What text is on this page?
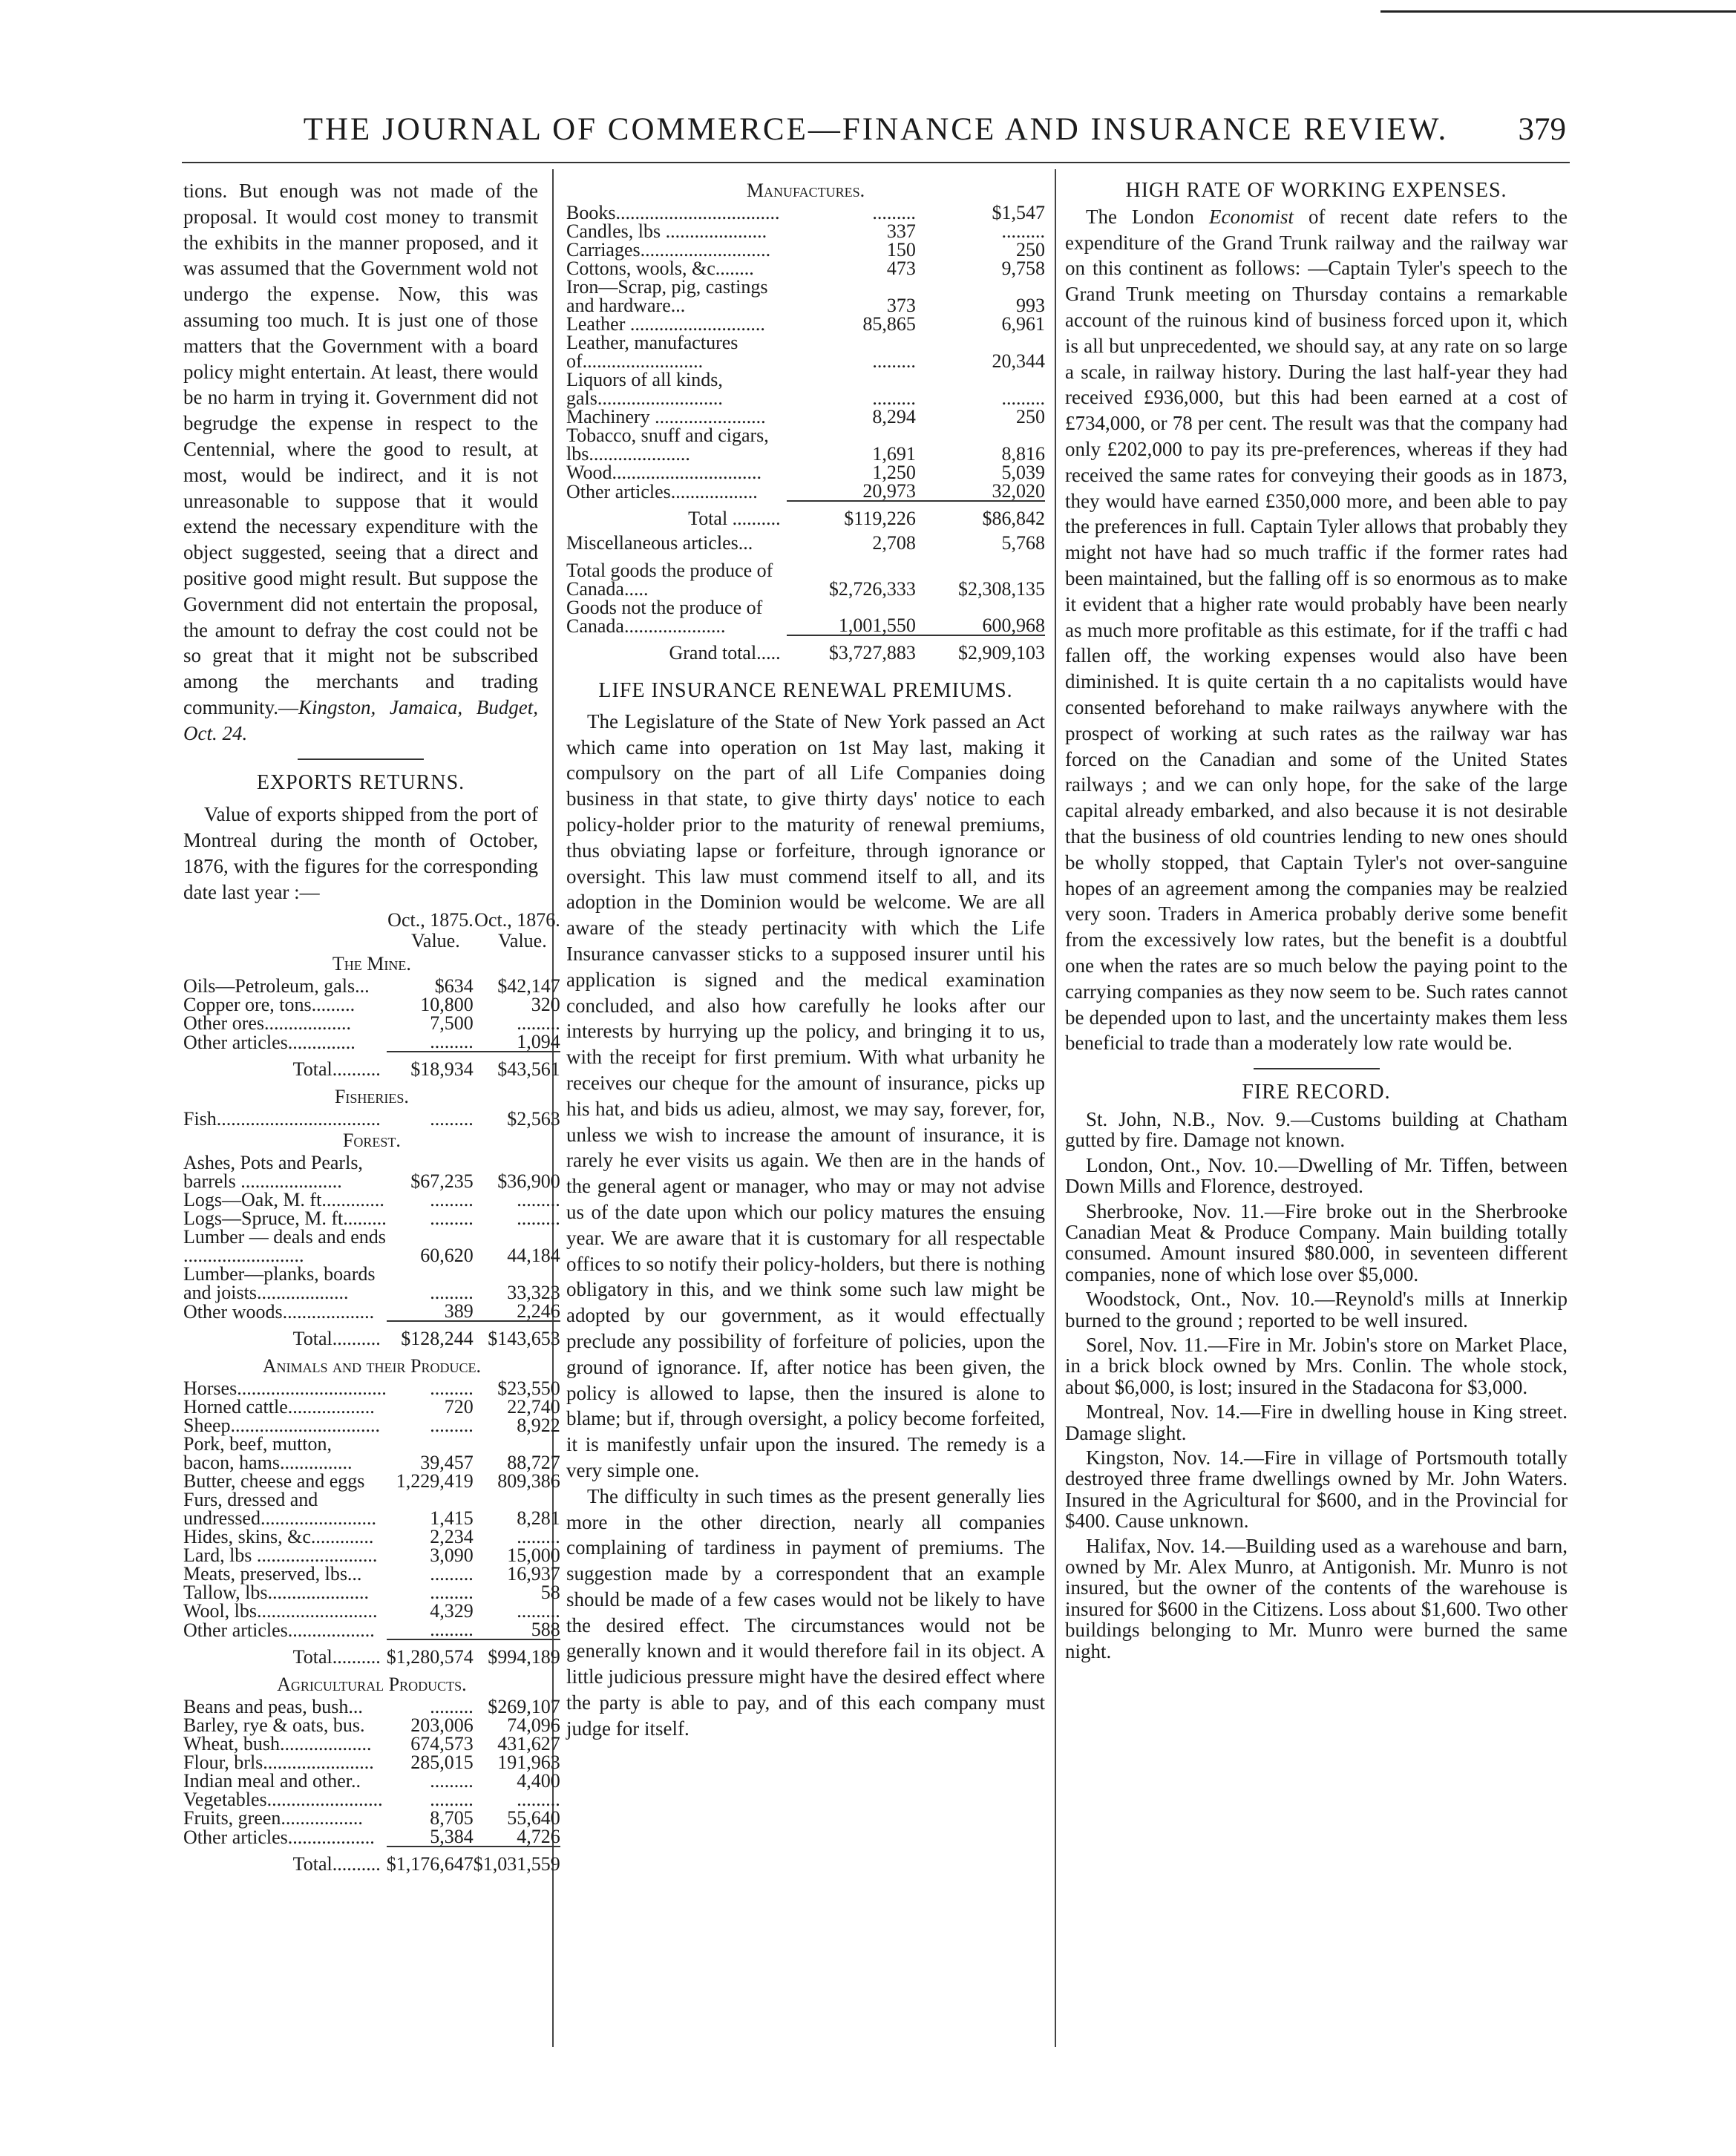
THE JOURNAL OF COMMERCE—FINANCE AND INSURANCE REVIEW.	379

tions. But enough was not made of the proposal. It would cost money to transmit the exhibits in the manner proposed, and it was assumed that the Government wold not undergo the expense. Now, this was assuming too much. It is just one of those matters that the Government with a board policy might entertain. At least, there would be no harm in trying it. Government did not begrudge the expense in respect to the Centennial, where the good to result, at most, would be indirect, and it is not unreasonable to suppose that it would extend the necessary expenditure with the object suggested, seeing that a direct and positive good might result. But suppose the Government did not entertain the proposal, the amount to defray the cost could not be so great that it might not be subscribed among the merchants and trading community.—Kingston, Jamaica, Budget, Oct. 24.

EXPORTS RETURNS.

Value of exports shipped from the port of Montreal during the month of October, 1876, with the figures for the corresponding date last year :—

	Oct., 1875.	Oct., 1876.
	Value.	Value.
The Mine.		
Oils—Petroleum, gals...	$634	$42,147
Copper ore, tons.........	10,800	320
Other ores..................	7,500	.........
Other articles..............	.........	1,094
Total..........	$18,934	$43,561
Fisheries.		
Fish..................................	.........	$2,563
Forest.		
Ashes, Pots and Pearls, barrels .....................	$67,235	$36,900
Logs—Oak, M. ft.............	.........	.........
Logs—Spruce, M. ft.........	.........	.........
Lumber — deals and ends .........................	60,620	44,184
Lumber—planks, boards and joists...................	.........	33,323
Other woods...................	389	2,246
Total..........	$128,244	$143,653
Animals and their Produce.		
Horses...............................	.........	$23,550
Horned cattle..................	720	22,740
Sheep...............................	.........	8,922
Pork, beef, mutton, bacon, hams...............	39,457	88,727
Butter, cheese and eggs	1,229,419	809,386
Furs, dressed and undressed........................	1,415	8,281
Hides, skins, &c.............	2,234	.........
Lard, lbs .........................	3,090	15,000
Meats, preserved, lbs...	.........	16,937
Tallow, lbs.....................	.........	58
Wool, lbs.........................	4,329	.........
Other articles..................	.........	588
Total..........	$1,280,574	$994,189
Agricultural Products.		
Beans and peas, bush...	.........	$269,107
Barley, rye & oats, bus.	203,006	74,096
Wheat, bush...................	674,573	431,627
Flour, brls.......................	285,015	191,963
Indian meal and other..	.........	4,400
Vegetables........................	.........	.........
Fruits, green.................	8,705	55,640
Other articles..................	5,384	4,726
Total..........	$1,176,647	$1,031,559
Manufactures.		
Books..................................	.........	$1,547
Candles, lbs .....................	337	.........
Carriages...........................	150	250
Cottons, wools, &c........	473	9,758
Iron—Scrap, pig, castings and hardware...	373	993
Leather ............................	85,865	6,961
Leather, manufactures of.........................	.........	20,344
Liquors of all kinds, gals..........................	.........	.........
Machinery .......................	8,294	250
Tobacco, snuff and cigars, lbs.....................	1,691	8,816
Wood...............................	1,250	5,039
Other articles..................	20,973	32,020
Total ..........	$119,226	$86,842
Miscellaneous articles...	2,708	5,768
Total goods the produce of Canada.....	$2,726,333	$2,308,135
Goods not the produce of Canada.....................	1,001,550	600,968
Grand total.....	$3,727,883	$2,909,103
LIFE INSURANCE RENEWAL PREMIUMS.

The Legislature of the State of New York passed an Act which came into operation on 1st May last, making it compulsory on the part of all Life Companies doing business in that state, to give thirty days' notice to each policy-holder prior to the maturity of renewal premiums, thus obviating lapse or forfeiture, through ignorance or oversight. This law must commend itself to all, and its adoption in the Dominion would be welcome. We are all aware of the steady pertinacity with which the Life Insurance canvasser sticks to a supposed insurer until his application is signed and the medical examination concluded, and also how carefully he looks after our interests by hurrying up the policy, and bringing it to us, with the receipt for first premium. With what urbanity he receives our cheque for the amount of insurance, picks up his hat, and bids us adieu, almost, we may say, forever, for, unless we wish to increase the amount of insurance, it is rarely he ever visits us again. We then are in the hands of the general agent or manager, who may or may not advise us of the date upon which our policy matures the ensuing year. We are aware that it is customary for all respectable offices to so notify their policy-holders, but there is nothing obligatory in this, and we think some such law might be adopted by our government, as it would effectually preclude any possibility of forfeiture of policies, upon the ground of ignorance. If, after notice has been given, the policy is allowed to lapse, then the insured is alone to blame; but if, through oversight, a policy become forfeited, it is manifestly unfair upon the insured. The remedy is a very simple one.

The difficulty in such times as the present generally lies more in the other direction, nearly all companies complaining of tardiness in payment of premiums. The suggestion made by a correspondent that an example should be made of a few cases would not be likely to have the desired effect. The circumstances would not be generally known and it would therefore fail in its object. A little judicious pressure might have the desired effect where the party is able to pay, and of this each company must judge for itself.

HIGH RATE OF WORKING EXPENSES.

The London Economist of recent date refers to the expenditure of the Grand Trunk railway and the railway war on this continent as follows: —Captain Tyler's speech to the Grand Trunk meeting on Thursday contains a remarkable account of the ruinous kind of business forced upon it, which is all but unprecedented, we should say, at any rate on so large a scale, in railway history. During the last half-year they had received £936,000, but this had been earned at a cost of £734,000, or 78 per cent. The result was that the company had only £202,000 to pay its pre-preferences, whereas if they had received the same rates for conveying their goods as in 1873, they would have earned £350,000 more, and been able to pay the preferences in full. Captain Tyler allows that probably they might not have had so much traffic if the former rates had been maintained, but the falling off is so enormous as to make it evident that a higher rate would probably have been nearly as much more profitable as this estimate, for if the traffi c had fallen off, the working expenses would also have been diminished. It is quite certain th a no capitalists would have consented beforehand to make railways anywhere with the prospect of working at such rates as the railway war has forced on the Canadian and some of the United States railways ; and we can only hope, for the sake of the large capital already embarked, and also because it is not desirable that the business of old countries lending to new ones should be wholly stopped, that Captain Tyler's not over-sanguine hopes of an agreement among the companies may be realzied very soon. Traders in America probably derive some benefit from the excessively low rates, but the benefit is a doubtful one when the rates are so much below the paying point to the carrying companies as they now seem to be. Such rates cannot be depended upon to last, and the uncertainty makes them less beneficial to trade than a moderately low rate would be.

FIRE RECORD.

St. John, N.B., Nov. 9.—Customs building at Chatham gutted by fire. Damage not known.

London, Ont., Nov. 10.—Dwelling of Mr. Tiffen, between Down Mills and Florence, destroyed.

Sherbrooke, Nov. 11.—Fire broke out in the Sherbrooke Canadian Meat & Produce Company. Main building totally consumed. Amount insured $80.000, in seventeen different companies, none of which lose over $5,000.

Woodstock, Ont., Nov. 10.—Reynold's mills at Innerkip burned to the ground ; reported to be well insured.

Sorel, Nov. 11.—Fire in Mr. Jobin's store on Market Place, in a brick block owned by Mrs. Conlin. The whole stock, about $6,000, is lost; insured in the Stadacona for $3,000.

Montreal, Nov. 14.—Fire in dwelling house in King street. Damage slight.

Kingston, Nov. 14.—Fire in village of Portsmouth totally destroyed three frame dwellings owned by Mr. John Waters. Insured in the Agricultural for $600, and in the Provincial for $400. Cause unknown.

Halifax, Nov. 14.—Building used as a warehouse and barn, owned by Mr. Alex Munro, at Antigonish. Mr. Munro is not insured, but the owner of the contents of the warehouse is insured for $600 in the Citizens. Loss about $1,600. Two other buildings belonging to Mr. Munro were burned the same night.
